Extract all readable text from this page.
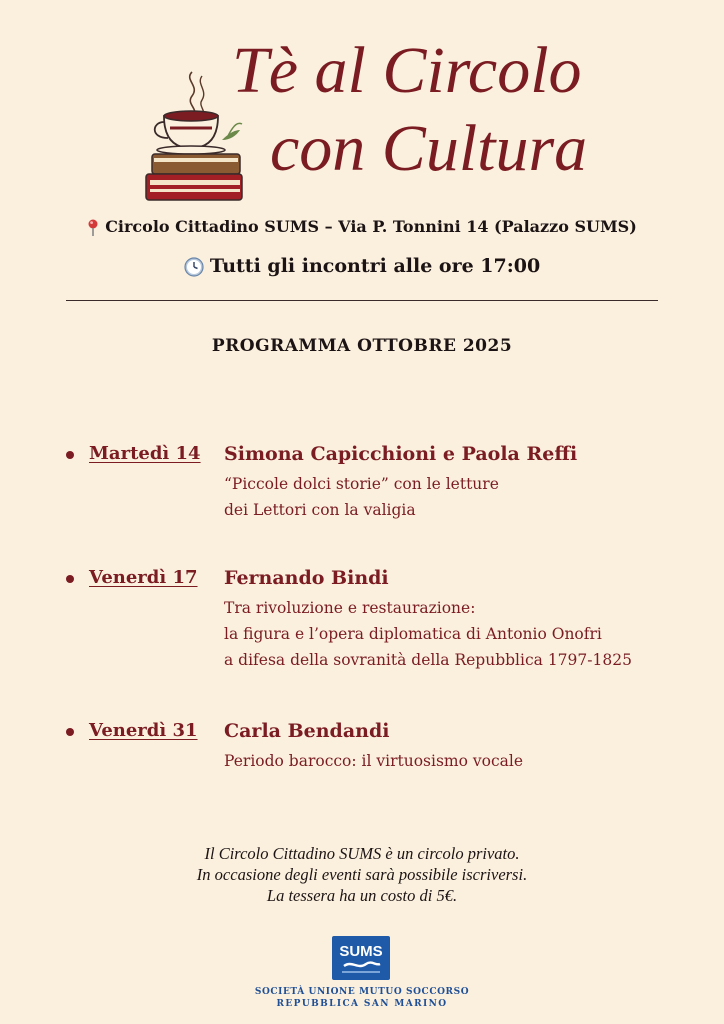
Tè al Circolo
con Cultura
Circolo Cittadino SUMS – Via P. Tonnini 14 (Palazzo SUMS)
Tutti gli incontri alle ore 17:00
PROGRAMMA OTTOBRE 2025
Martedì 14 Simona Capicchioni e Paola Reffi
“Piccole dolci storie” con le letture
dei Lettori con la valigia
Venerdì 17 Fernando Bindi
Tra rivoluzione e restaurazione:
la figura e l’opera diplomatica di Antonio Onofri
a difesa della sovranità della Repubblica 1797-1825
Venerdì 31 Carla Bendandi
Periodo barocco: il virtuosismo vocale
Il Circolo Cittadino SUMS è un circolo privato.
In occasione degli eventi sarà possibile iscriversi.
La tessera ha un costo di 5€.
SUMS
SOCIETÀ UNIONE MUTUO SOCCORSO
REPUBBLICA SAN MARINO
